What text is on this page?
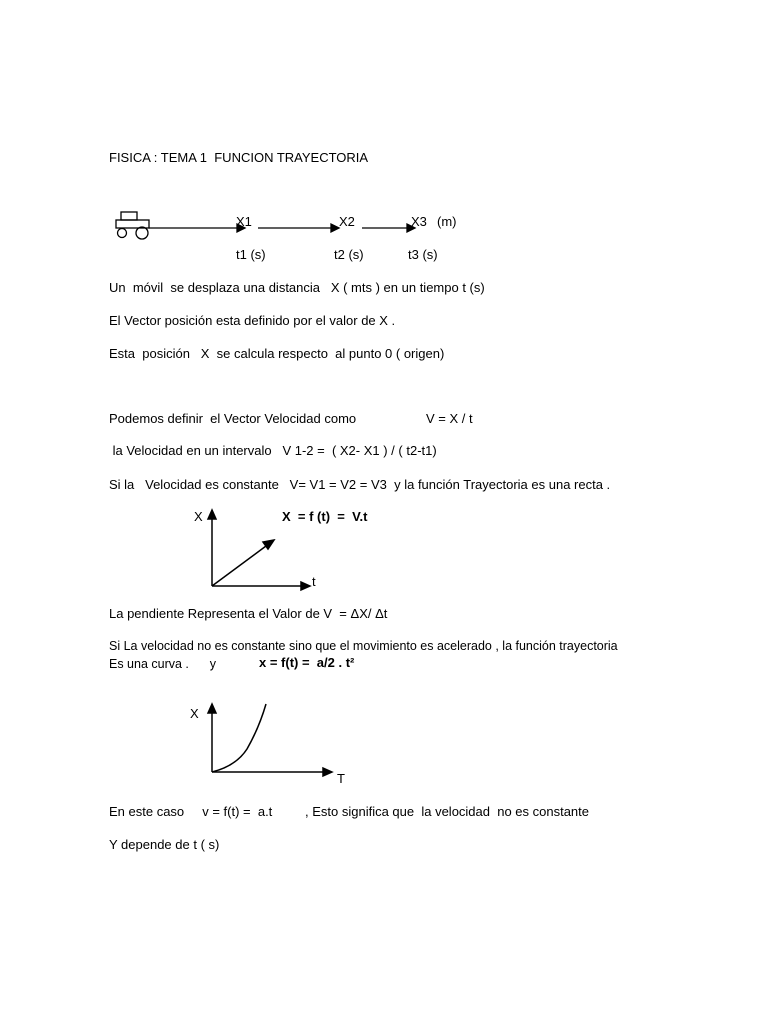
FISICA : TEMA 1  FUNCION TRAYECTORIA
X1	X2	X3 (m)
t1 (s)	t2 (s)	t3 (s)
Un  móvil  se desplaza una distancia   X ( mts ) en un tiempo t (s)
El Vector posición esta definido por el valor de X .
Esta  posición   X  se calcula respecto  al punto 0 ( origen)
Podemos definir  el Vector Velocidad como	V = X / t
la Velocidad en un intervalo   V 1-2 =  ( X2- X1 ) / ( t2-t1)
Si la   Velocidad es constante   V= V1 = V2 = V3  y la función Trayectoria es una recta .
X	X  = f (t)  =  V.t
t
La pendiente Representa el Valor de V  = ΔX/ Δt
Si La velocidad no es constante sino que el movimiento es acelerado , la función trayectoria
Es una curva .      y	x = f(t) =  a/2 . t²
X
T
En este caso     v = f(t) =  a.t	, Esto significa que  la velocidad  no es constante
Y depende de t ( s)
